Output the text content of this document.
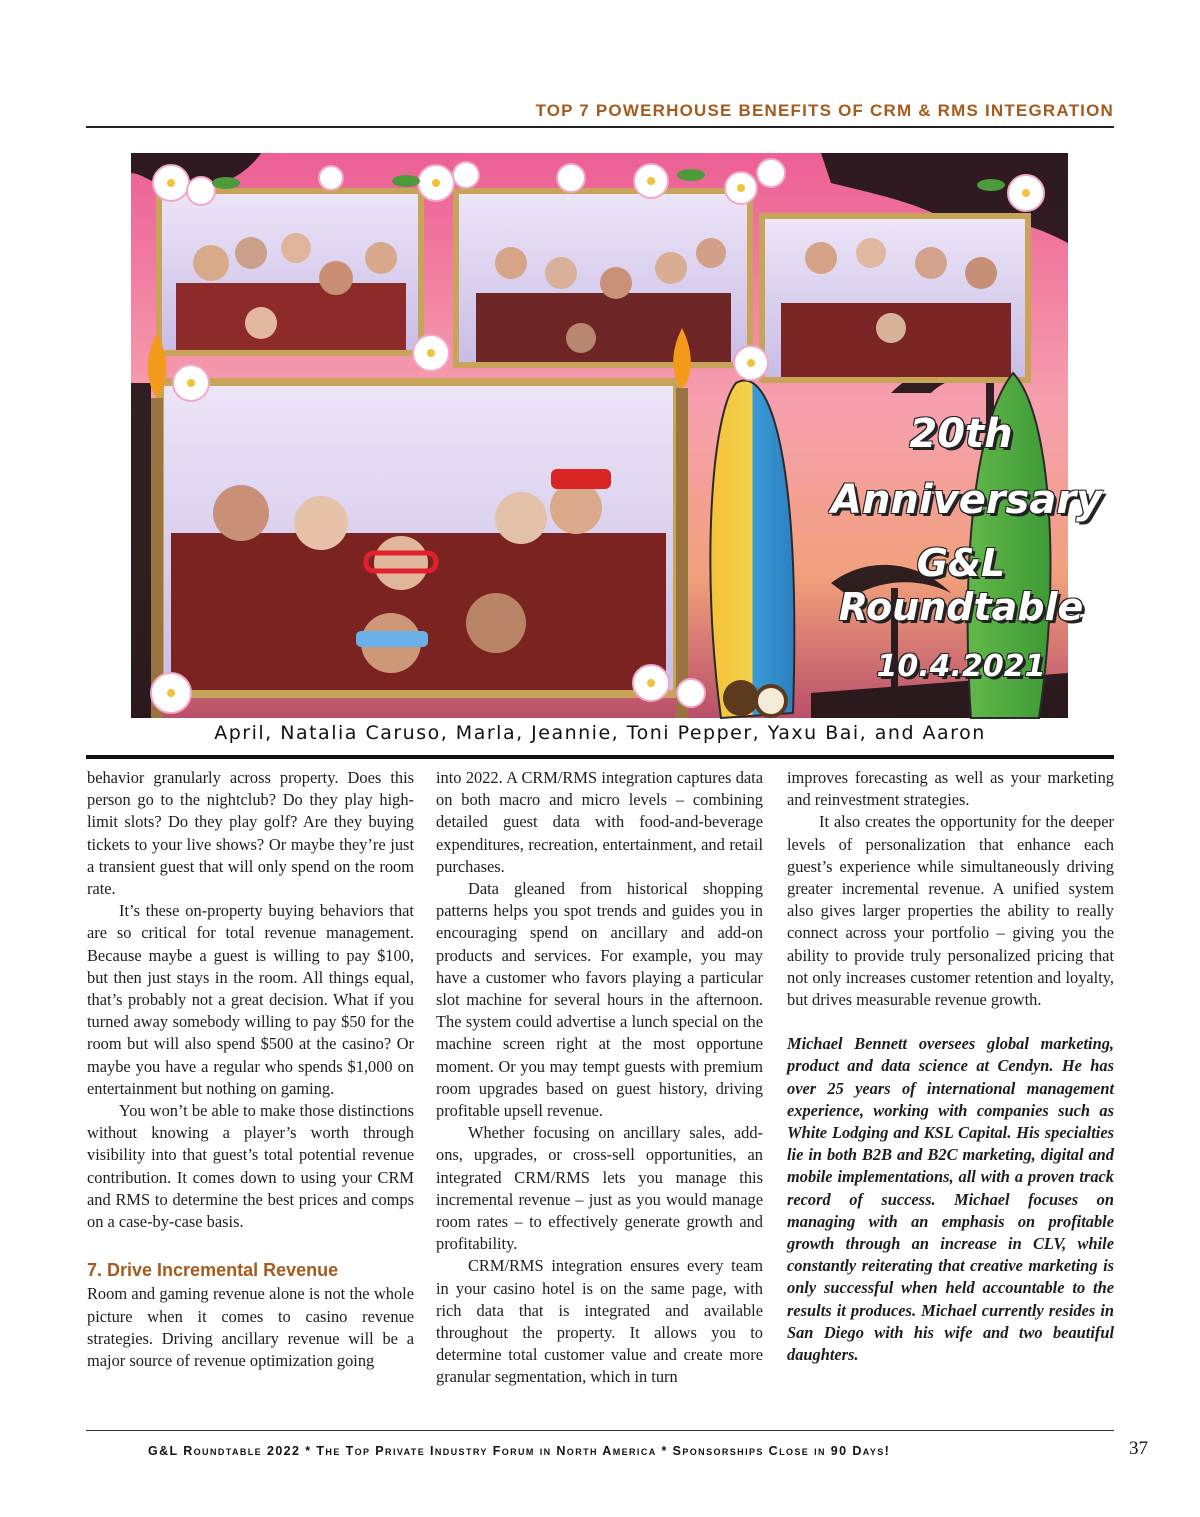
TOP 7 POWERHOUSE BENEFITS OF CRM & RMS INTEGRATION
20th
Anniversary
G&L Roundtable
10.4.2021
April, Natalia Caruso, Marla, Jeannie, Toni Pepper, Yaxu Bai, and Aaron

behavior granularly across property. Does this person go to the nightclub? Do they play high-limit slots? Do they play golf? Are they buying tickets to your live shows? Or maybe they’re just a transient guest that will only spend on the room rate.

It’s these on-property buying behaviors that are so critical for total revenue management. Because maybe a guest is willing to pay $100, but then just stays in the room. All things equal, that’s probably not a great decision. What if you turned away somebody willing to pay $50 for the room but will also spend $500 at the casino? Or maybe you have a regular who spends $1,000 on entertainment but nothing on gaming.

You won’t be able to make those distinctions without knowing a player’s worth through visibility into that guest’s total potential revenue contribution. It comes down to using your CRM and RMS to determine the best prices and comps on a case-by-case basis.

7. Drive Incremental Revenue

Room and gaming revenue alone is not the whole picture when it comes to casino revenue strategies. Driving ancillary revenue will be a major source of revenue optimization going

into 2022. A CRM/RMS integration captures data on both macro and micro levels – combining detailed guest data with food-and-beverage expenditures, recreation, entertainment, and retail purchases.

Data gleaned from historical shopping patterns helps you spot trends and guides you in encouraging spend on ancillary and add-on products and services. For example, you may have a customer who favors playing a particular slot machine for several hours in the afternoon. The system could advertise a lunch special on the machine screen right at the most opportune moment. Or you may tempt guests with premium room upgrades based on guest history, driving profitable upsell revenue.

Whether focusing on ancillary sales, add-ons, upgrades, or cross-sell opportunities, an integrated CRM/RMS lets you manage this incremental revenue – just as you would manage room rates – to effectively generate growth and profitability.

CRM/RMS integration ensures every team in your casino hotel is on the same page, with rich data that is integrated and available throughout the property. It allows you to determine total customer value and create more granular segmentation, which in turn

improves forecasting as well as your marketing and reinvestment strategies.

It also creates the opportunity for the deeper levels of personalization that enhance each guest’s experience while simultaneously driving greater incremental revenue. A unified system also gives larger properties the ability to really connect across your portfolio – giving you the ability to provide truly personalized pricing that not only increases customer retention and loyalty, but drives measurable revenue growth.

Michael Bennett oversees global marketing, product and data science at Cendyn. He has over 25 years of international management experience, working with companies such as White Lodging and KSL Capital. His specialties lie in both B2B and B2C marketing, digital and mobile implementations, all with a proven track record of success. Michael focuses on managing with an emphasis on profitable growth through an increase in CLV, while constantly reiterating that creative marketing is only successful when held accountable to the results it produces. Michael currently resides in San Diego with his wife and two beautiful daughters.

G&L Roundtable 2022 * The Top Private Industry Forum in North America * Sponsorships Close in 90 Days!	37
